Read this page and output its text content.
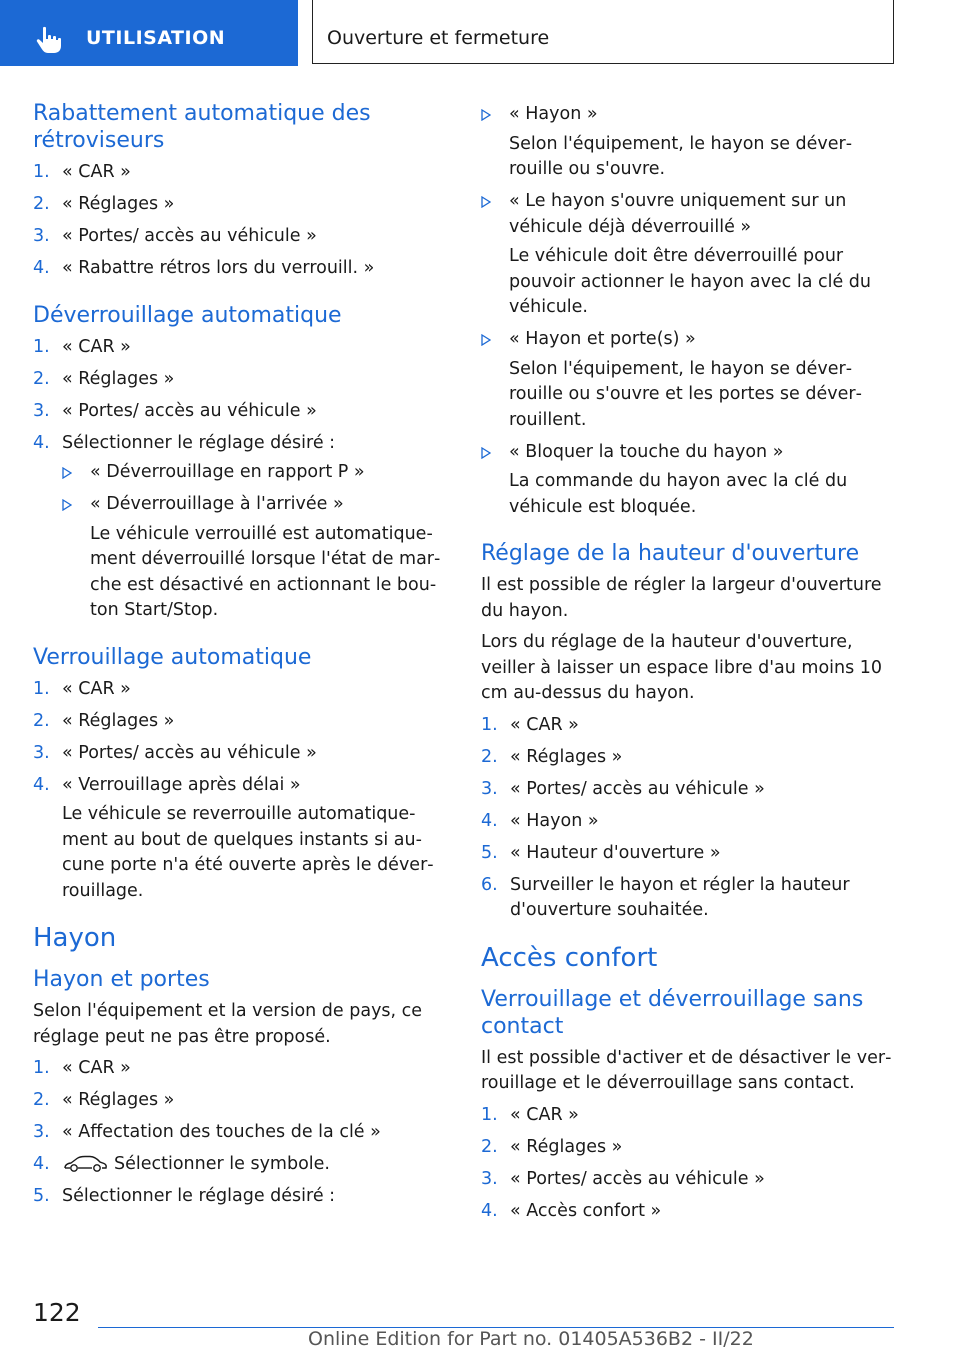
UTILISATION	Ouverture et fermeture
Rabattement automatique des rétroviseurs
1. « CAR »
2. « Réglages »
3. « Portes/ accès au véhicule »
4. « Rabattre rétros lors du verrouill. »
Déverrouillage automatique
1. « CAR »
2. « Réglages »
3. « Portes/ accès au véhicule »
4. Sélectionner le réglage désiré :
« Déverrouillage en rapport P »
« Déverrouillage à l'arrivée »

Le véhicule verrouillé est automatiquement déverrouillé lorsque l'état de marche est désactivé en actionnant le bouton Start/Stop.

Verrouillage automatique
1. « CAR »
2. « Réglages »
3. « Portes/ accès au véhicule »
4. « Verrouillage après délai »

Le véhicule se reverrouille automatiquement au bout de quelques instants si aucune porte n'a été ouverte après le déverrouillage.

Hayon
Hayon et portes

Selon l'équipement et la version de pays, ce réglage peut ne pas être proposé.

1. « CAR »
2. « Réglages »
3. « Affectation des touches de la clé »
4.	Sélectionner le symbole.
5. Sélectionner le réglage désiré :
« Hayon »

Selon l'équipement, le hayon se déverrouille ou s'ouvre.

« Le hayon s'ouvre uniquement sur un véhicule déjà déverrouillé »

Le véhicule doit être déverrouillé pour pouvoir actionner le hayon avec la clé du véhicule.

« Hayon et porte(s) »

Selon l'équipement, le hayon se déverrouille ou s'ouvre et les portes se déverrouillent.

« Bloquer la touche du hayon »

La commande du hayon avec la clé du véhicule est bloquée.

Réglage de la hauteur d'ouverture

Il est possible de régler la largeur d'ouverture du hayon.

Lors du réglage de la hauteur d'ouverture, veiller à laisser un espace libre d'au moins 10 cm au-dessus du hayon.

1. « CAR »
2. « Réglages »
3. « Portes/ accès au véhicule »
4. « Hayon »
5. « Hauteur d'ouverture »
6. Surveiller le hayon et régler la hauteur d'ouverture souhaitée.
Accès confort
Verrouillage et déverrouillage sans contact

Il est possible d'activer et de désactiver le verrouillage et le déverrouillage sans contact.

1. « CAR »
2. « Réglages »
3. « Portes/ accès au véhicule »
4. « Accès confort »
122
Online Edition for Part no. 01405A536B2 - II/22
